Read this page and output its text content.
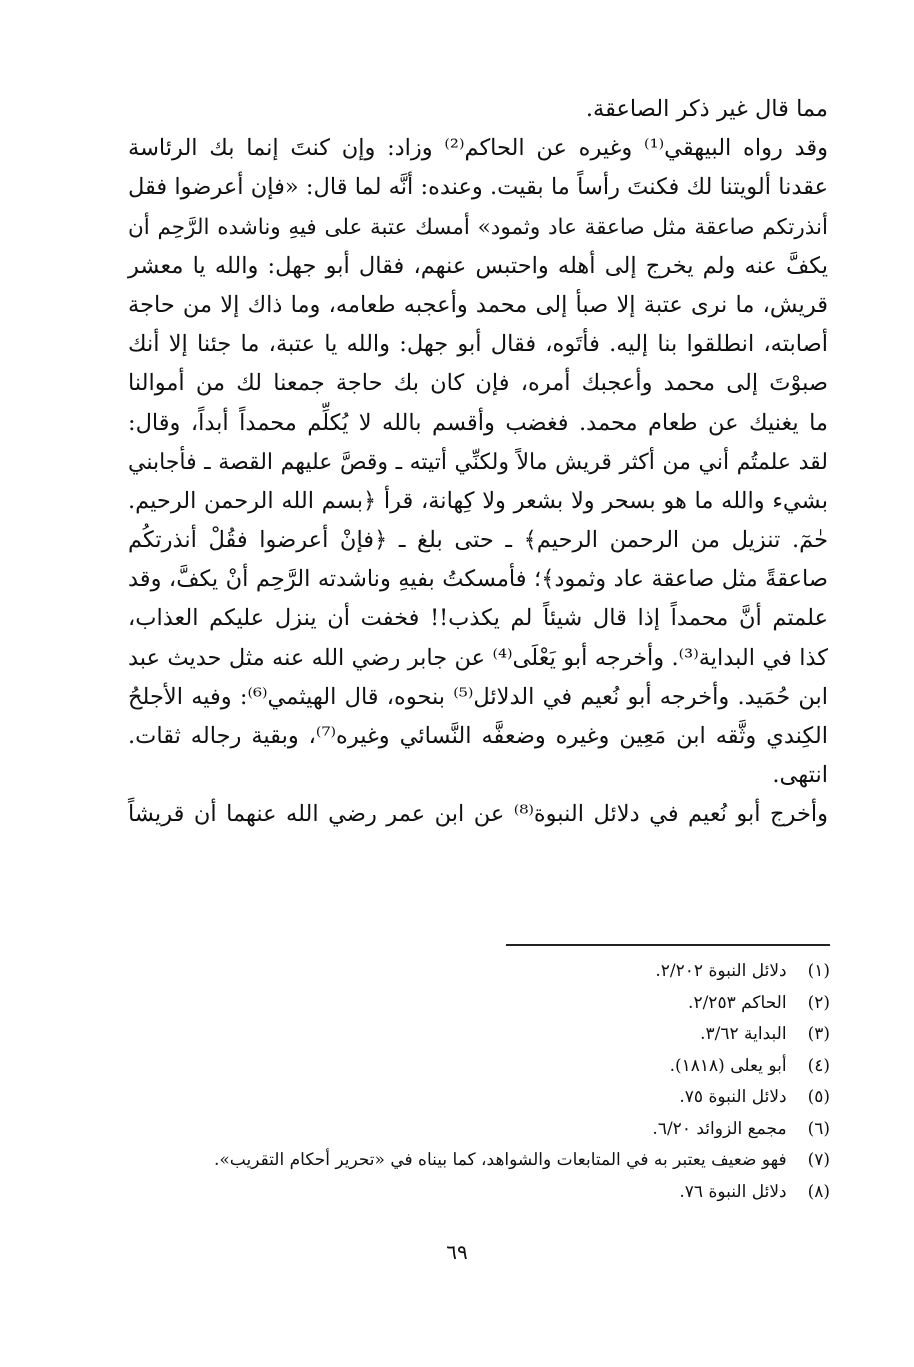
مما قال غير ذكر الصاعقة.
وقد رواه البيهقي⁽¹⁾ وغيره عن الحاكم⁽²⁾ وزاد: وإن كنتَ إنما بك الرئاسة
عقدنا ألويتنا لك فكنتَ رأساً ما بقيت. وعنده: أنَّه لما قال: «فإن أعرضوا فقل
أنذرتكم صاعقة مثل صاعقة عاد وثمود» أمسك عتبة على فيهِ وناشده الرَّحِم أن
يكفَّ عنه ولم يخرج إلى أهله واحتبس عنهم، فقال أبو جهل: والله يا معشر
قريش، ما نرى عتبة إلا صبأ إلى محمد وأعجبه طعامه، وما ذاك إلا من حاجة
أصابته، انطلقوا بنا إليه. فأتَوه، فقال أبو جهل: والله يا عتبة، ما جئنا إلا أنك
صبوْتَ إلى محمد وأعجبك أمره، فإن كان بك حاجة جمعنا لك من أموالنا
ما يغنيك عن طعام محمد. فغضب وأقسم بالله لا يُكلِّم محمداً أبداً، وقال:
لقد علمتُم أني من أكثر قريش مالاً ولكنِّي أتيته ـ وقصَّ عليهم القصة ـ فأجابني
بشيء والله ما هو بسحر ولا بشعر ولا كِهانة، قرأ ﴿بسم الله الرحمن الرحيم.
حٰمٓ. تنزيل من الرحمن الرحيم﴾ ـ حتى بلغ ـ ﴿فإنْ أعرضوا فقُلْ أنذرتكُم
صاعقةً مثل صاعقة عاد وثمود﴾؛ فأمسكتُ بفيهِ وناشدته الرَّحِم أنْ يكفَّ، وقد
علمتم أنَّ محمداً إذا قال شيئاً لم يكذب!! فخفت أن ينزل عليكم العذاب،
كذا في البداية⁽³⁾. وأخرجه أبو يَعْلَى⁽⁴⁾ عن جابر رضي الله عنه مثل حديث عبد
ابن حُمَيد. وأخرجه أبو نُعيم في الدلائل⁽⁵⁾ بنحوه، قال الهيثمي⁽⁶⁾: وفيه الأجلحُ
الكِندي وثَّقه ابن مَعِين وغيره وضعفَّه النَّسائي وغيره⁽⁷⁾، وبقية رجاله ثقات.
انتهى.
وأخرج أبو نُعيم في دلائل النبوة⁽⁸⁾ عن ابن عمر رضي الله عنهما أن قريشاً
(١) دلائل النبوة ٢/٢٠٢.
(٢) الحاكم ٢/٢٥٣.
(٣) البداية ٣/٦٢.
(٤) أبو يعلى (١٨١٨).
(٥) دلائل النبوة ٧٥.
(٦) مجمع الزوائد ٦/٢٠.
(٧) فهو ضعيف يعتبر به في المتابعات والشواهد، كما بيناه في «تحرير أحكام التقريب».
(٨) دلائل النبوة ٧٦.
٦٩
